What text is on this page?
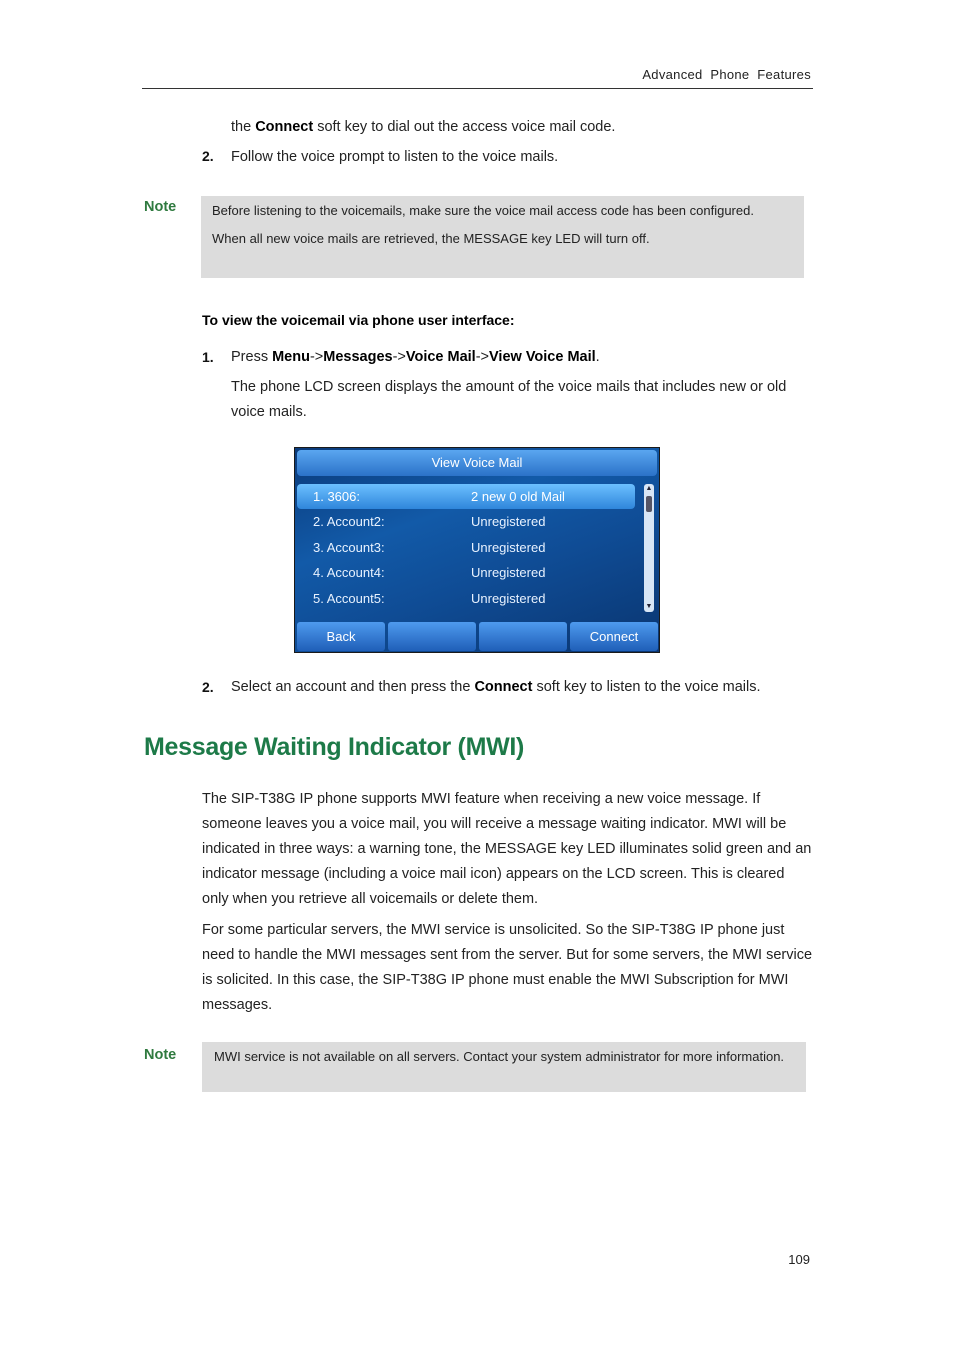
Advanced  Phone  Features
the Connect soft key to dial out the access voice mail code.
2. Follow the voice prompt to listen to the voice mails.
Note	Before listening to the voicemails, make sure the voice mail access code has been configured.

When all new voice mails are retrieved, the MESSAGE key LED will turn off.

To view the voicemail via phone user interface:
1. Press Menu->Messages->Voice Mail->View Voice Mail.
The phone LCD screen displays the amount of the voice mails that includes new or old voice mails.
View Voice Mail
1. 3606:	2 new 0 old Mail
2. Account2:	Unregistered
3. Account3:	Unregistered
4. Account4:	Unregistered
5. Account5:	Unregistered
▲
▼
Back	Connect
2. Select an account and then press the Connect soft key to listen to the voice mails.
Message Waiting Indicator (MWI)
The SIP-T38G IP phone supports MWI feature when receiving a new voice message. If someone leaves you a voice mail, you will receive a message waiting indicator. MWI will be indicated in three ways: a warning tone, the MESSAGE key LED illuminates solid green and an indicator message (including a voice mail icon) appears on the LCD screen. This is cleared only when you retrieve all voicemails or delete them.
For some particular servers, the MWI service is unsolicited. So the SIP-T38G IP phone just need to handle the MWI messages sent from the server. But for some servers, the MWI service is solicited. In this case, the SIP-T38G IP phone must enable the MWI Subscription for MWI messages.
Note	MWI service is not available on all servers. Contact your system administrator for more information.

109
